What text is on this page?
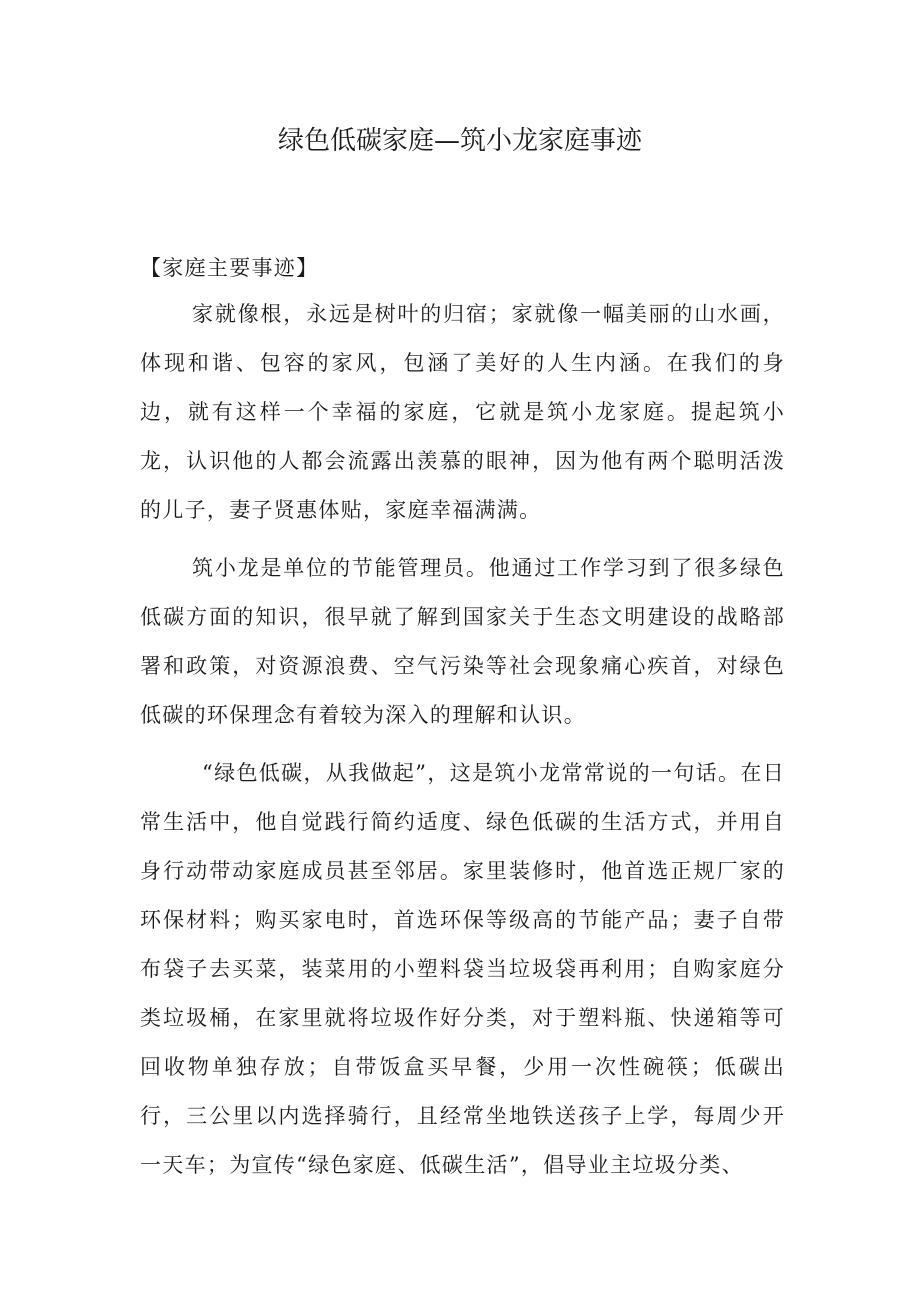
绿色低碳家庭—筑小龙家庭事迹

【家庭主要事迹】

家就像根，永远是树叶的归宿；家就像一幅美丽的山水画，体现和谐、包容的家风，包涵了美好的人生内涵。在我们的身边，就有这样一个幸福的家庭，它就是筑小龙家庭。提起筑小龙，认识他的人都会流露出羡慕的眼神，因为他有两个聪明活泼的儿子，妻子贤惠体贴，家庭幸福满满。

筑小龙是单位的节能管理员。他通过工作学习到了很多绿色低碳方面的知识，很早就了解到国家关于生态文明建设的战略部署和政策，对资源浪费、空气污染等社会现象痛心疾首，对绿色低碳的环保理念有着较为深入的理解和认识。

“绿色低碳，从我做起”，这是筑小龙常常说的一句话。在日常生活中，他自觉践行简约适度、绿色低碳的生活方式，并用自身行动带动家庭成员甚至邻居。家里装修时，他首选正规厂家的环保材料；购买家电时，首选环保等级高的节能产品；妻子自带布袋子去买菜，装菜用的小塑料袋当垃圾袋再利用；自购家庭分类垃圾桶，在家里就将垃圾作好分类，对于塑料瓶、快递箱等可回收物单独存放；自带饭盒买早餐，少用一次性碗筷；低碳出行，三公里以内选择骑行，且经常坐地铁送孩子上学，每周少开一天车；为宣传“绿色家庭、低碳生活”，倡导业主垃圾分类、
